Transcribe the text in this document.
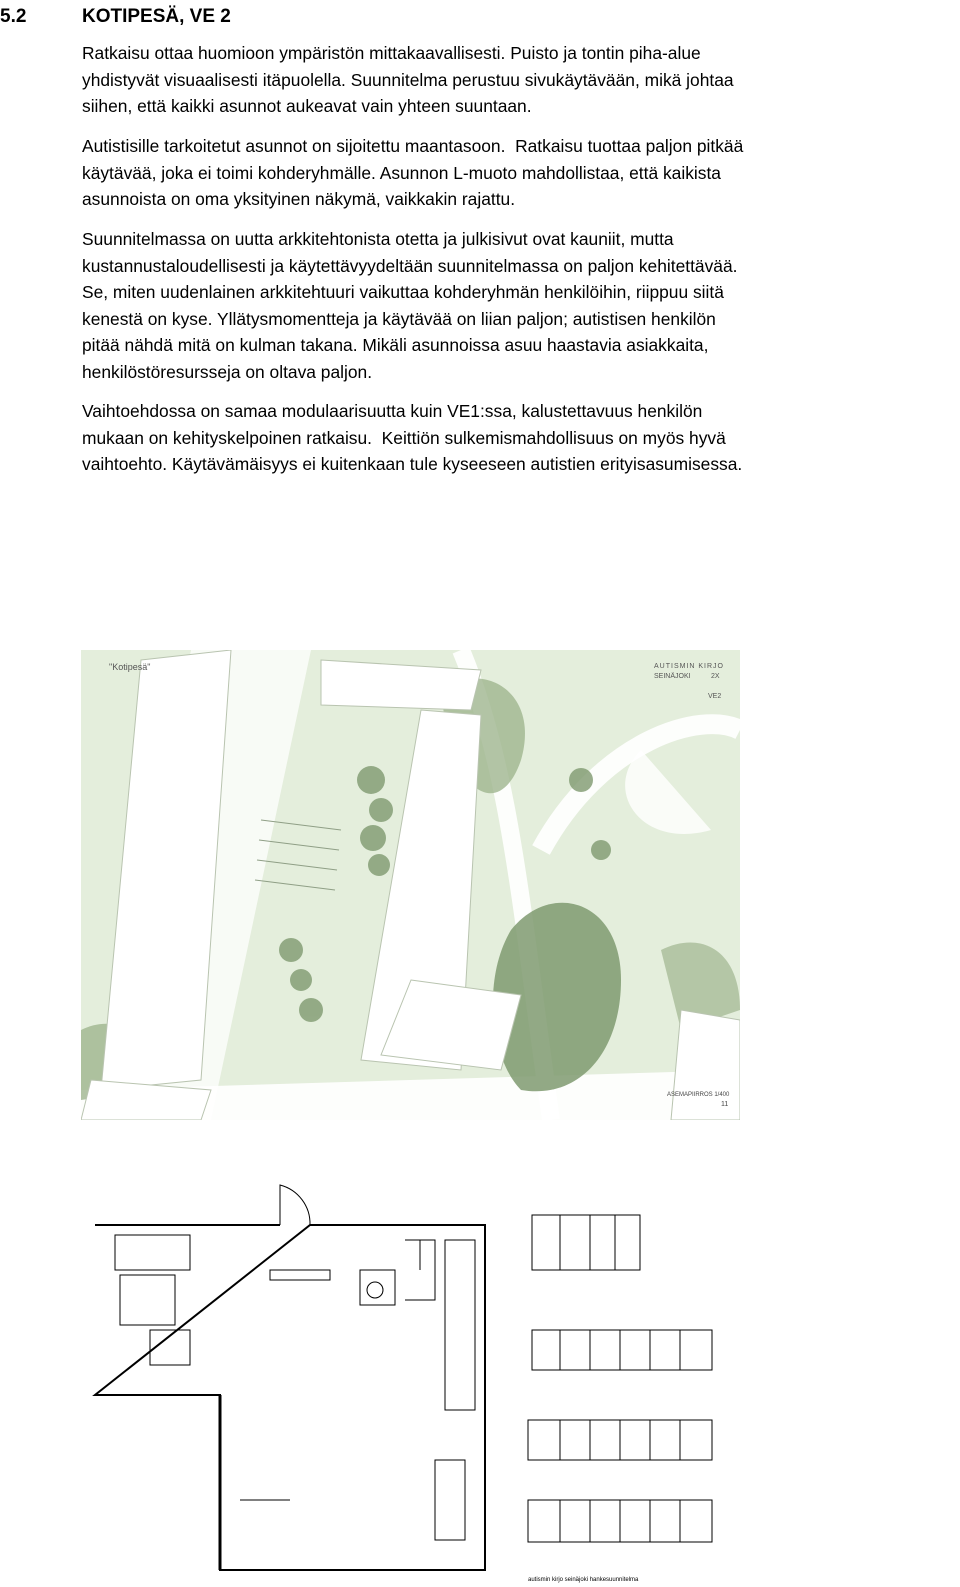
5.2	KOTIPESÄ, VE 2

Ratkaisu ottaa huomioon ympäristön mittakaavallisesti. Puisto ja tontin piha-alue
yhdistyvät visuaalisesti itäpuolella. Suunnitelma perustuu sivukäytävään, mikä johtaa
siihen, että kaikki asunnot aukeavat vain yhteen suuntaan.

Autistisille tarkoitetut asunnot on sijoitettu maantasoon.  Ratkaisu tuottaa paljon pitkää
käytävää, joka ei toimi kohderyhmälle. Asunnon L-muoto mahdollistaa, että kaikista
asunnoista on oma yksityinen näkymä, vaikkakin rajattu.

Suunnitelmassa on uutta arkkitehtonista otetta ja julkisivut ovat kauniit, mutta
kustannustaloudellisesti ja käytettävyydeltään suunnitelmassa on paljon kehitettävää.
Se, miten uudenlainen arkkitehtuuri vaikuttaa kohderyhmän henkilöihin, riippuu siitä
kenestä on kyse. Yllätysmomentteja ja käytävää on liian paljon; autistisen henkilön
pitää nähdä mitä on kulman takana. Mikäli asunnoissa asuu haastavia asiakkaita,
henkilöstöresursseja on oltava paljon.

Vaihtoehdossa on samaa modulaarisuutta kuin VE1:ssa, kalustettavuus henkilön
mukaan on kehityskelpoinen ratkaisu.  Keittiön sulkemismahdollisuus on myös hyvä
vaihtoehto. Käytävämäisyys ei kuitenkaan tule kyseeseen autistien erityisasumisessa.

"Kotipesä"	AUTISMIN KIRJO
SEINÄJOKI	2X
VE2
ASEMAPIIRROS 1/400
11
autismin kirjo seinäjoki hankesuunnitelma
